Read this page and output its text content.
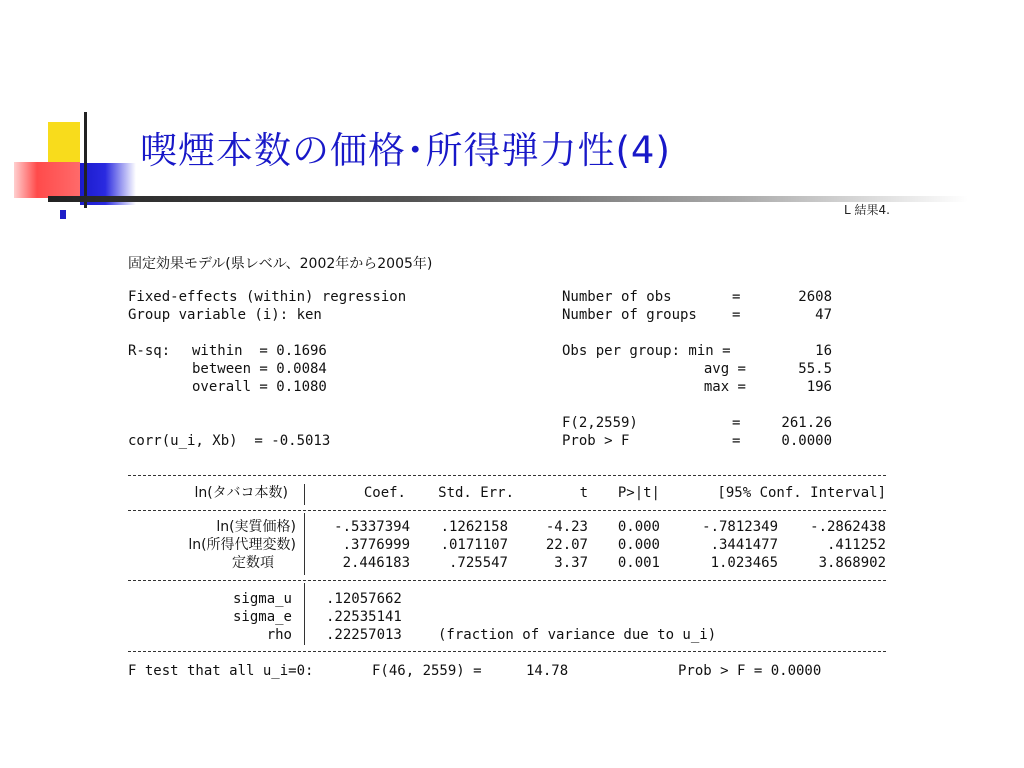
喫煙本数の価格･所得弾力性(4)
L 結果4.
固定効果モデル(県レベル、2002年から2005年)
Fixed-effects (within) regression
Group variable (i): ken
Number of obs	=	2608
Number of groups	=	47
R-sq: within  = 0.1696
between = 0.0084
overall = 0.1080
Obs per group: min =	16
avg =	55.5
max =	196
F(2,2559)	=	261.26
corr(u_i, Xb)  = -0.5013	Prob > F	=	0.0000
ln(タバコ本数)	Coef.	Std. Err.	t	P>|t|	[95% Conf. Interval]
ln(実質価格)	-.5337394	.1262158	-4.23	0.000	-.7812349	-.2862438
ln(所得代理変数)	.3776999	.0171107	22.07	0.000	.3441477	.411252
定数項	2.446183	.725547	3.37	0.001	1.023465	3.868902
sigma_u .12057662
sigma_e .22535141
rho .22257013	(fraction of variance due to u_i)
F test that all u_i=0:	F(46, 2559) =	14.78	Prob > F = 0.0000
